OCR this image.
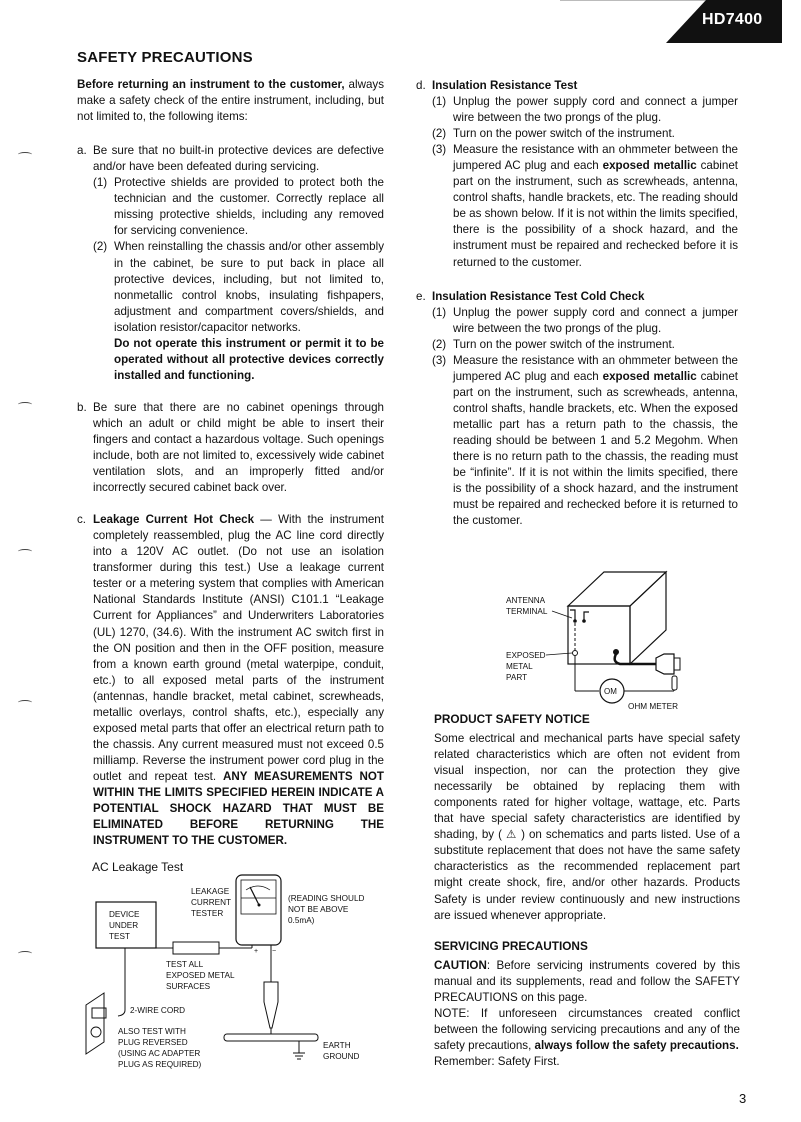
HD7400
SAFETY PRECAUTIONS

Before returning an instrument to the customer, always make a safety check of the entire instrument, including, but not limited to, the following items:

a. Be sure that no built-in protective devices are defective and/or have been defeated during servicing.
(1) Protective shields are provided to protect both the technician and the customer. Correctly replace all missing protective shields, including any removed for servicing convenience.
(2) When reinstalling the chassis and/or other assembly in the cabinet, be sure to put back in place all protective devices, including, but not limited to, nonmetallic control knobs, insulating fishpapers, adjustment and compartment covers/shields, and isolation resistor/capacitor networks.
Do not operate this instrument or permit it to be operated without all protective devices correctly installed and functioning.
b. Be sure that there are no cabinet openings through which an adult or child might be able to insert their fingers and contact a hazardous voltage. Such openings include, both are not limited to, excessively wide cabinet ventilation slots, and an improperly fitted and/or incorrectly secured cabinet back over.
c. Leakage Current Hot Check — With the instrument completely reassembled, plug the AC line cord directly into a 120V AC outlet. (Do not use an isolation transformer during this test.) Use a leakage current tester or a metering system that complies with American National Standards Institute (ANSI) C101.1 “Leakage Current for Appliances” and Underwriters Laboratories (UL) 1270, (34.6). With the instrument AC switch first in the ON position and then in the OFF position, measure from a known earth ground (metal waterpipe, conduit, etc.) to all exposed metal parts of the instrument (antennas, handle bracket, metal cabinet, screwheads, metallic overlays, control shafts, etc.), especially any exposed metal parts that offer an electrical return path to the chassis. Any current measured must not exceed 0.5 milliamp. Reverse the instrument power cord plug in the outlet and repeat test. ANY MEASUREMENTS NOT WITHIN THE LIMITS SPECIFIED HEREIN INDICATE A POTENTIAL SHOCK HAZARD THAT MUST BE ELIMINATED BEFORE RETURNING THE INSTRUMENT TO THE CUSTOMER.
AC Leakage Test
DEVICE
UNDER
TEST
LEAKAGE
CURRENT
TESTER
(READING SHOULD
NOT BE ABOVE
0.5mA)
+ −
TEST ALL
EXPOSED METAL
SURFACES
EARTH
GROUND
2-WIRE CORD
ALSO TEST WITH
PLUG REVERSED
(USING AC ADAPTER
PLUG AS REQUIRED)
d. Insulation Resistance Test
(1) Unplug the power supply cord and connect a jumper wire between the two prongs of the plug.
(2) Turn on the power switch of the instrument.
(3) Measure the resistance with an ohmmeter between the jumpered AC plug and each exposed metallic cabinet part on the instrument, such as screwheads, antenna, control shafts, handle brackets, etc. The reading should be as shown below. If it is not within the limits specified, there is the possibility of a shock hazard, and the instrument must be repaired and rechecked before it is returned to the customer.
e. Insulation Resistance Test Cold Check
(1) Unplug the power supply cord and connect a jumper wire between the two prongs of the plug.
(2) Turn on the power switch of the instrument.
(3) Measure the resistance with an ohmmeter between the jumpered AC plug and each exposed metallic cabinet part on the instrument, such as screwheads, antenna, control shafts, handle brackets, etc. When the exposed metallic part has a return path to the chassis, the reading should be between 1 and 5.2 Megohm. When there is no return path to the chassis, the reading must be “infinite”. If it is not within the limits specified, there is the possibility of a shock hazard, and the instrument must be repaired and rechecked before it is returned to the customer.
ANTENNA
TERMINAL
EXPOSED
METAL
PART
OM
OHM METER
PRODUCT SAFETY NOTICE

Some electrical and mechanical parts have special safety related characteristics which are often not evident from visual inspection, nor can the protection they give necessarily be obtained by replacing them with components rated for higher voltage, wattage, etc. Parts that have special safety characteristics are identified by shading, by ( ⚠ ) on schematics and parts listed. Use of a substitute replacement that does not have the same safety characteristics as the recommended replacement part might create shock, fire, and/or other hazards. Products Safety is under review continuously and new instructions are issued whenever appropriate.

SERVICING PRECAUTIONS

CAUTION: Before servicing instruments covered by this manual and its supplements, read and follow the SAFETY PRECAUTIONS on this page.

NOTE: If unforeseen circumstances created conflict between the following servicing precautions and any of the safety precautions, always follow the safety precautions.

Remember: Safety First.

3
